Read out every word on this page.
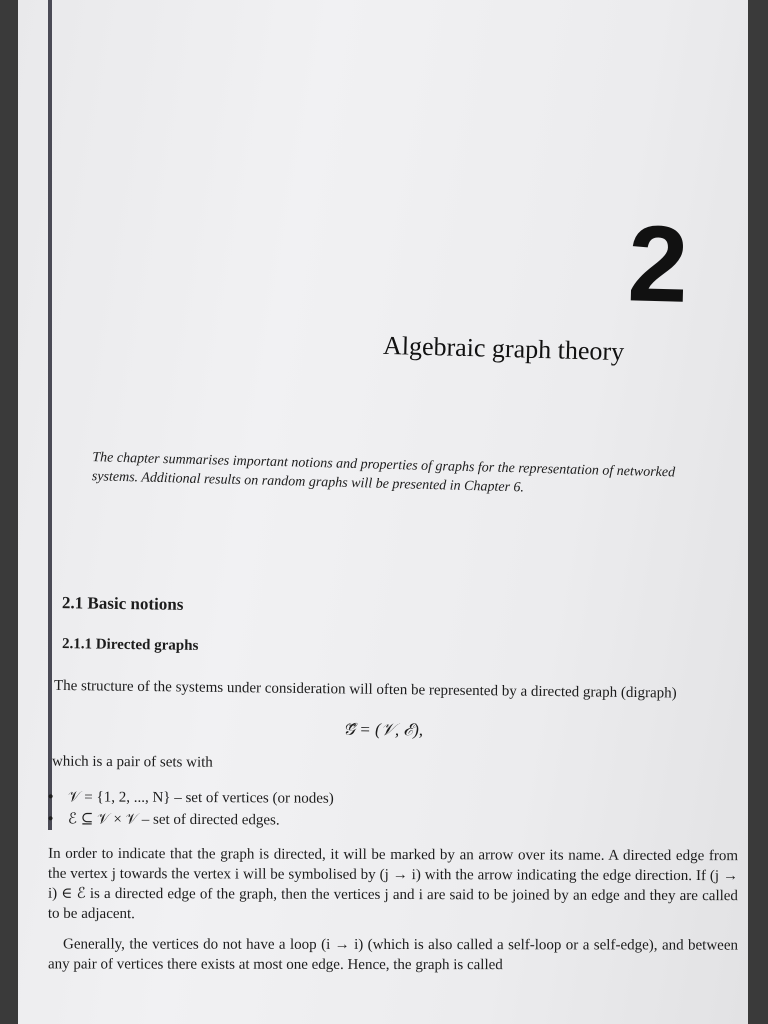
2
Algebraic graph theory
The chapter summarises important notions and properties of graphs for the representation of networked systems. Additional results on random graphs will be presented in Chapter 6.
2.1 Basic notions
2.1.1 Directed graphs

The structure of the systems under consideration will often be represented by a directed graph (digraph)

𝒢⃗ = (𝒱, ℰ),

which is a pair of sets with

• 𝒱 = {1, 2, ..., N} – set of vertices (or nodes)
• ℰ ⊆ 𝒱 × 𝒱 – set of directed edges.

In order to indicate that the graph is directed, it will be marked by an arrow over its name. A directed edge from the vertex j towards the vertex i will be symbolised by (j → i) with the arrow indicating the edge direction. If (j → i) ∈ ℰ is a directed edge of the graph, then the vertices j and i are said to be joined by an edge and they are called to be adjacent.

Generally, the vertices do not have a loop (i → i) (which is also called a self-loop or a self-edge), and between any pair of vertices there exists at most one edge. Hence, the graph is called
